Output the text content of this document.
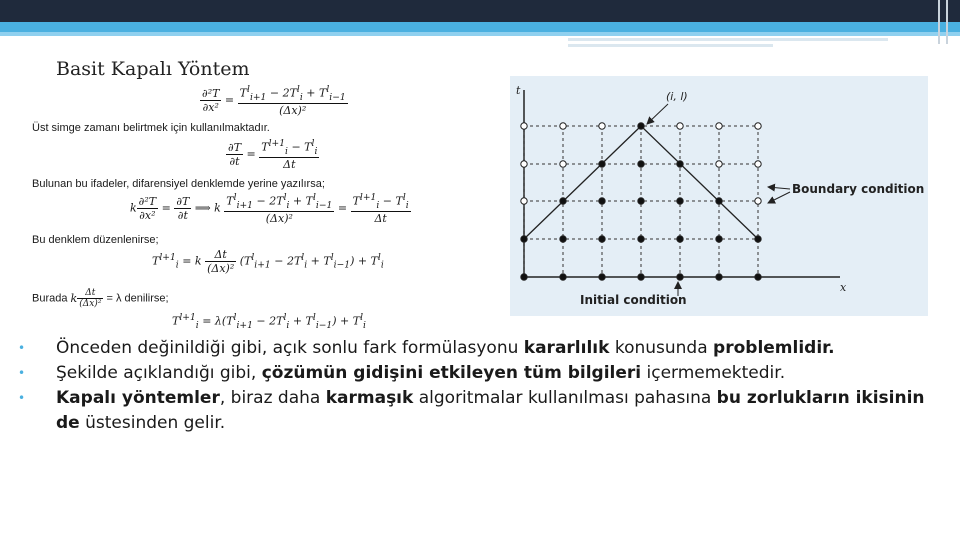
Basit Kapalı Yöntem
$\frac{\text{∂²T}}{\text{∂x²}} = \frac{T^l_{i+1} - 2T^l_i + T^l_{i-1}}{\text{(Δx)²}}$
Üst simge zamanı belirtmek için kullanılmaktadır.
$\frac{\partial T}{\partial t} = \frac{T^{l+1}_i - T^l_i}{\Delta t}$
Bulunan bu ifadeler, difarensiyel denklemde yerine yazılırsa;
k $\frac{\text{∂²T}}{\text{∂x²}} = \frac{\partial T}{\partial t}$ ⟹ k $\frac{T^l_{i+1} - 2T^l_i + T^l_{i-1}}{\text{(Δx)²}} = \frac{T^{l+1}_i - T^l_i}{\Delta t}$
Bu denklem düzenlenirse;
$T^{l+1}_i = k \frac{\Delta t}{\text{(Δx)²}} (T^l_{i+1} - 2T^l_i + T^l_{i-1}) + T^l_i$
Burada k $\frac{\Delta t}{\text{(Δx)²}} = \lambda$ denilirse;
$T^{l+1}_i = \lambda(T^l_{i+1} - 2T^l_i + T^l_{i-1}) + T^l_i$
t
x
(i, l)
Boundary condition
Initial condition
• Önceden değinildiği gibi, açık sonlu fark formülasyonu kararlılık konusunda problemlidir.
• Şekilde açıklandığı gibi, çözümün gidişini etkileyen tüm bilgileri içermemektedir.
• Kapalı yöntemler, biraz daha karmaşık algoritmalar kullanılması pahasına bu zorlukların ikisinin de üstesinden gelir.
